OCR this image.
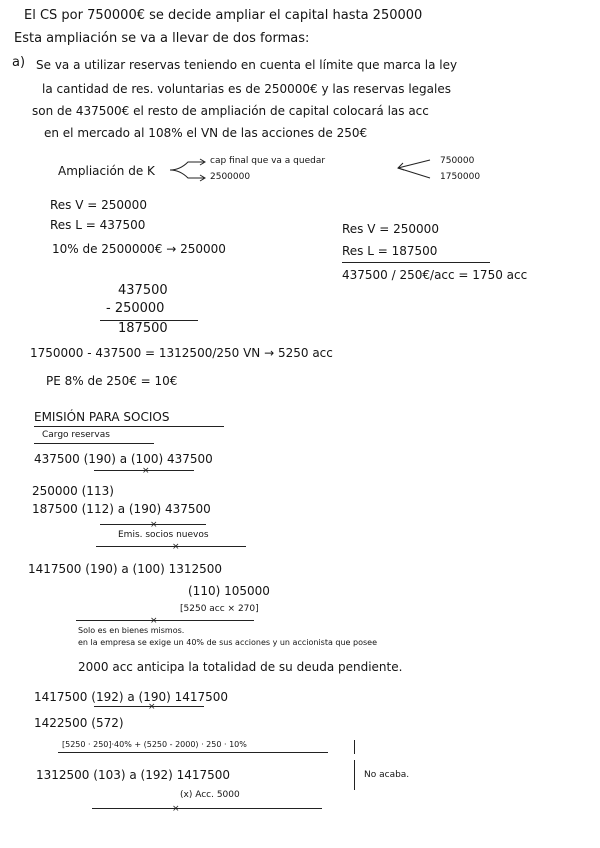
El CS por 750000€ se decide ampliar el capital hasta 250000
Esta ampliación se va a llevar de dos formas:
a) Se va a utilizar reservas teniendo en cuenta el límite que marca la ley
la cantidad de res. voluntarias es de 250000€ y las reservas legales
son de 437500€ el resto de ampliación de capital colocará las acc
en el mercado al 108% el VN de las acciones de 250€
Ampliación de K
cap final que va a quedar
2500000
750000
1750000
Res V = 250000
Res L = 437500
10% de 2500000€ → 250000
Res V = 250000
Res L = 187500
437500 / 250€/acc = 1750 acc
437500
- 250000
187500
1750000 - 437500 = 1312500/250 VN → 5250 acc
PE 8% de 250€ = 10€
EMISIÓN PARA SOCIOS
Cargo reservas
437500 (190) a (100) 437500
×
250000 (113)
187500 (112) a (190) 437500
×
Emis. socios nuevos
×
1417500 (190) a (100) 1312500
(110) 105000
[5250 acc × 270]
×
Solo es en bienes mismos.
en la empresa se exige un 40% de sus acciones y un accionista que posee
2000 acc anticipa la totalidad de su deuda pendiente.
1417500 (192) a (190) 1417500
×
1422500 (572)
[5250 · 250]·40% + (5250 - 2000) · 250 · 10%
No acaba.
1312500 (103) a (192) 1417500
(x) Acc. 5000
×
